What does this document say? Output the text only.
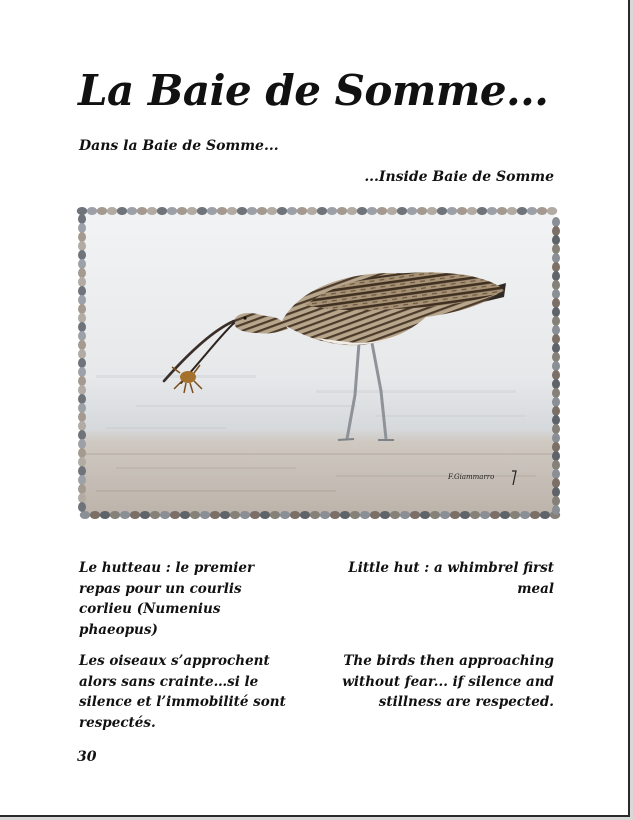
La Baie de Somme...
Dans la Baie de Somme...
...Inside Baie de Somme
F.Giammarro
Le hutteau : le premier repas pour un courlis corlieu (Numenius phaeopus)
Little hut : a whimbrel first meal
Les oiseaux s’approchent alors sans crainte…si le silence et l’immobilité sont respectés.
The birds then approaching without fear... if silence and stillness are respected.
30
